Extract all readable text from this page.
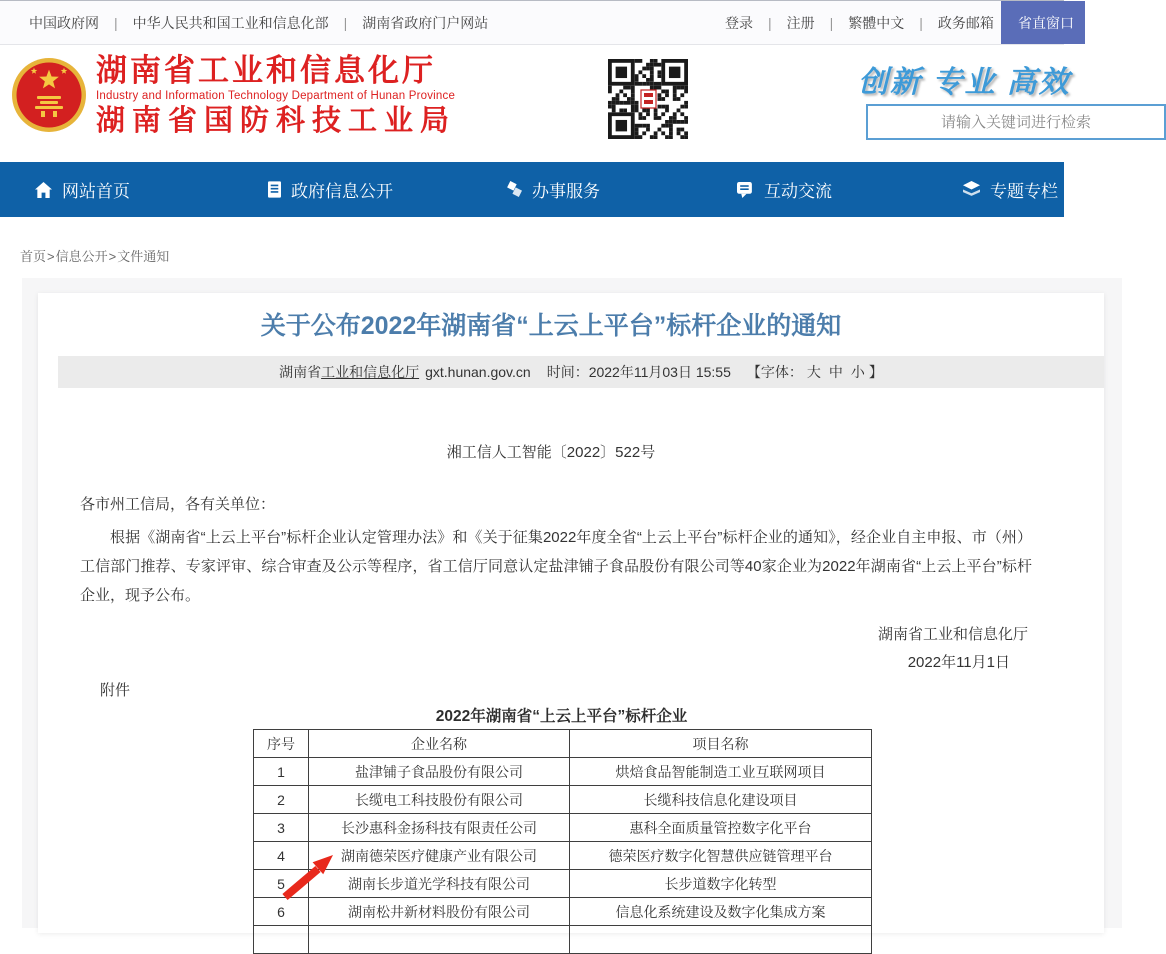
中国政府网	|	中华人民共和国工业和信息化部	|	湖南省政府门户网站	登录	|	注册	|	繁體中文	|	政务邮箱	省直窗口
湖南省工业和信息化厅
Industry and Information Technology Department of Hunan Province
湖南省国防科技工业局
创新 专业 高效
请输入关键词进行检索
网站首页	政府信息公开	办事服务	互动交流	专题专栏
首页>信息公开>文件通知
关于公布2022年湖南省“上云上平台”标杆企业的通知
湖南省 工业和信息化厅 gxt.hunan.gov.cn 时间： 2022年11月03日 15:55 【字体： 大 中 小 】
湘工信人工智能〔2022〕522号
各市州工信局，各有关单位：
根据《湖南省“上云上平台”标杆企业认定管理办法》和《关于征集2022年度全省“上云上平台”标杆企业的通知》，经企业自主申报、市（州）工信部门推荐、专家评审、综合审查及公示等程序，省工信厅同意认定盐津铺子食品股份有限公司等40家企业为2022年湖南省“上云上平台”标杆企业，现予公布。
湖南省工业和信息化厅
2022年11月1日
附件
2022年湖南省“上云上平台”标杆企业
序号	企业名称	项目名称
1	盐津铺子食品股份有限公司	烘焙食品智能制造工业互联网项目
2	长缆电工科技股份有限公司	长缆科技信息化建设项目
3	长沙惠科金扬科技有限责任公司	惠科全面质量管控数字化平台
4	湖南德荣医疗健康产业有限公司	德荣医疗数字化智慧供应链管理平台
5	湖南长步道光学科技有限公司	长步道数字化转型
6	湖南松井新材料股份有限公司	信息化系统建设及数字化集成方案
